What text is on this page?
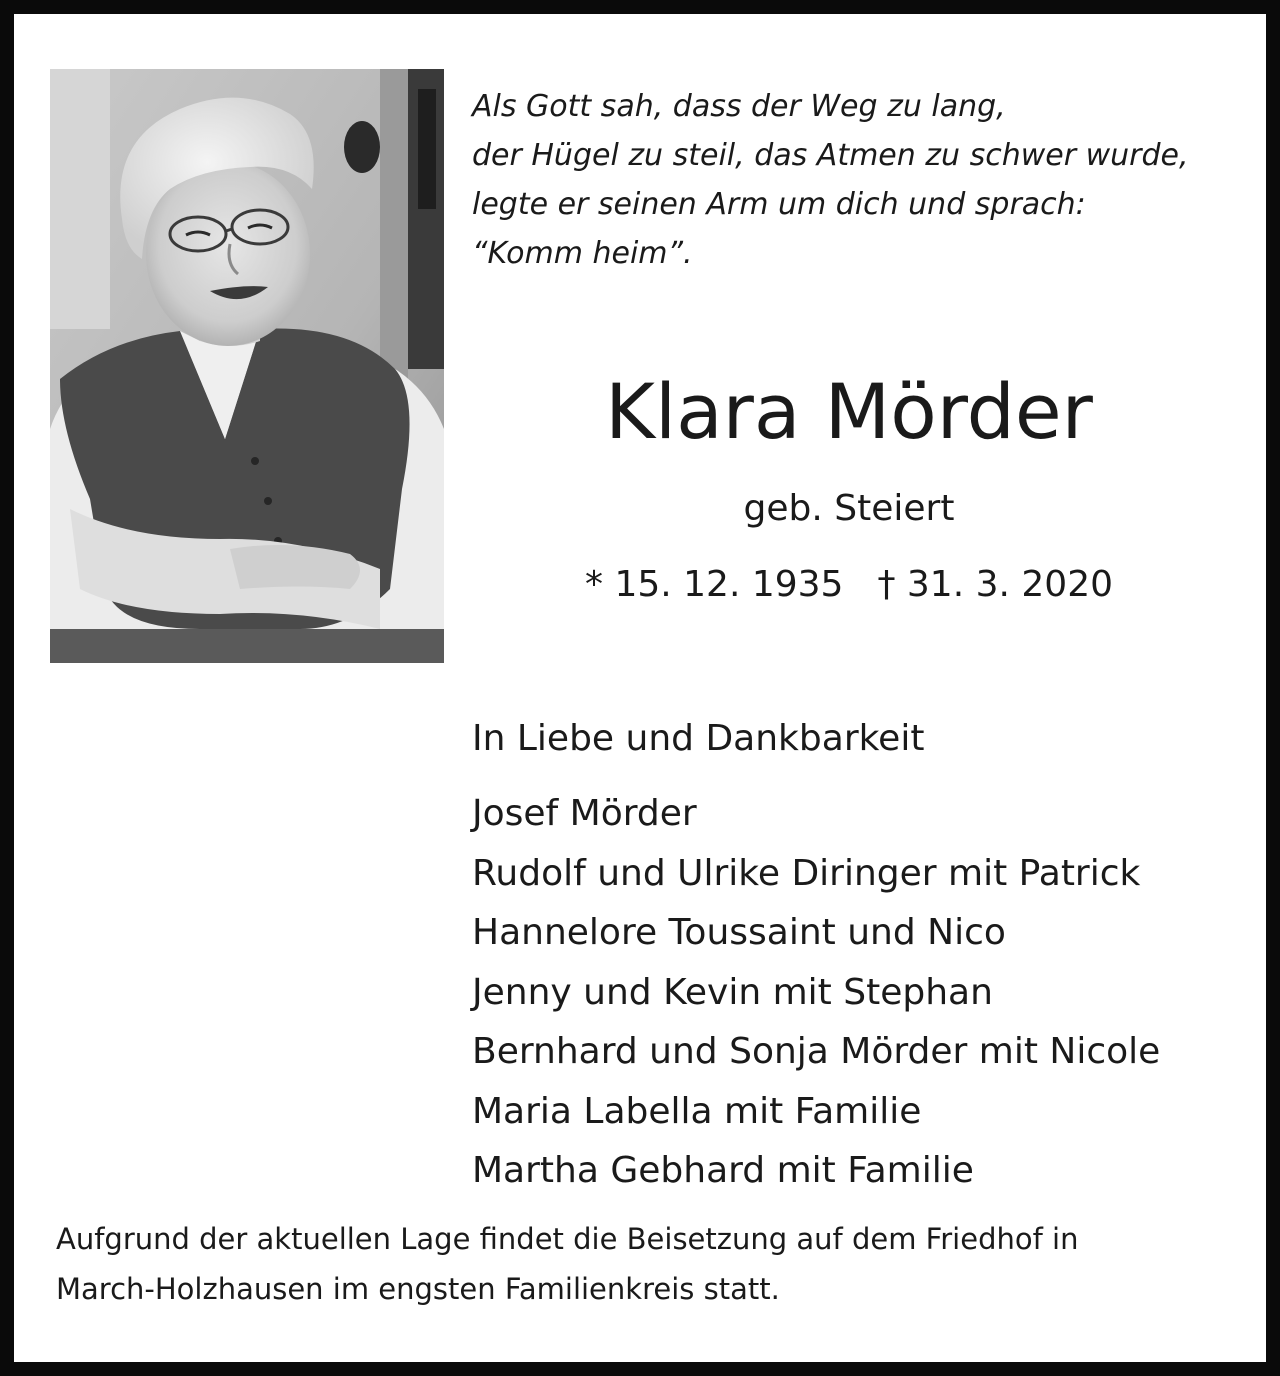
Als Gott sah, dass der Weg zu lang,
der Hügel zu steil, das Atmen zu schwer wurde,
legte er seinen Arm um dich und sprach:
“Komm heim”.
Klara Mörder
geb. Steiert
* 15. 12. 1935 † 31. 3. 2020
In Liebe und Dankbarkeit
Josef Mörder
Rudolf und Ulrike Diringer mit Patrick
Hannelore Toussaint und Nico
Jenny und Kevin mit Stephan
Bernhard und Sonja Mörder mit Nicole
Maria Labella mit Familie
Martha Gebhard mit Familie
Aufgrund der aktuellen Lage findet die Beisetzung auf dem Friedhof in
March-Holzhausen im engsten Familienkreis statt.
